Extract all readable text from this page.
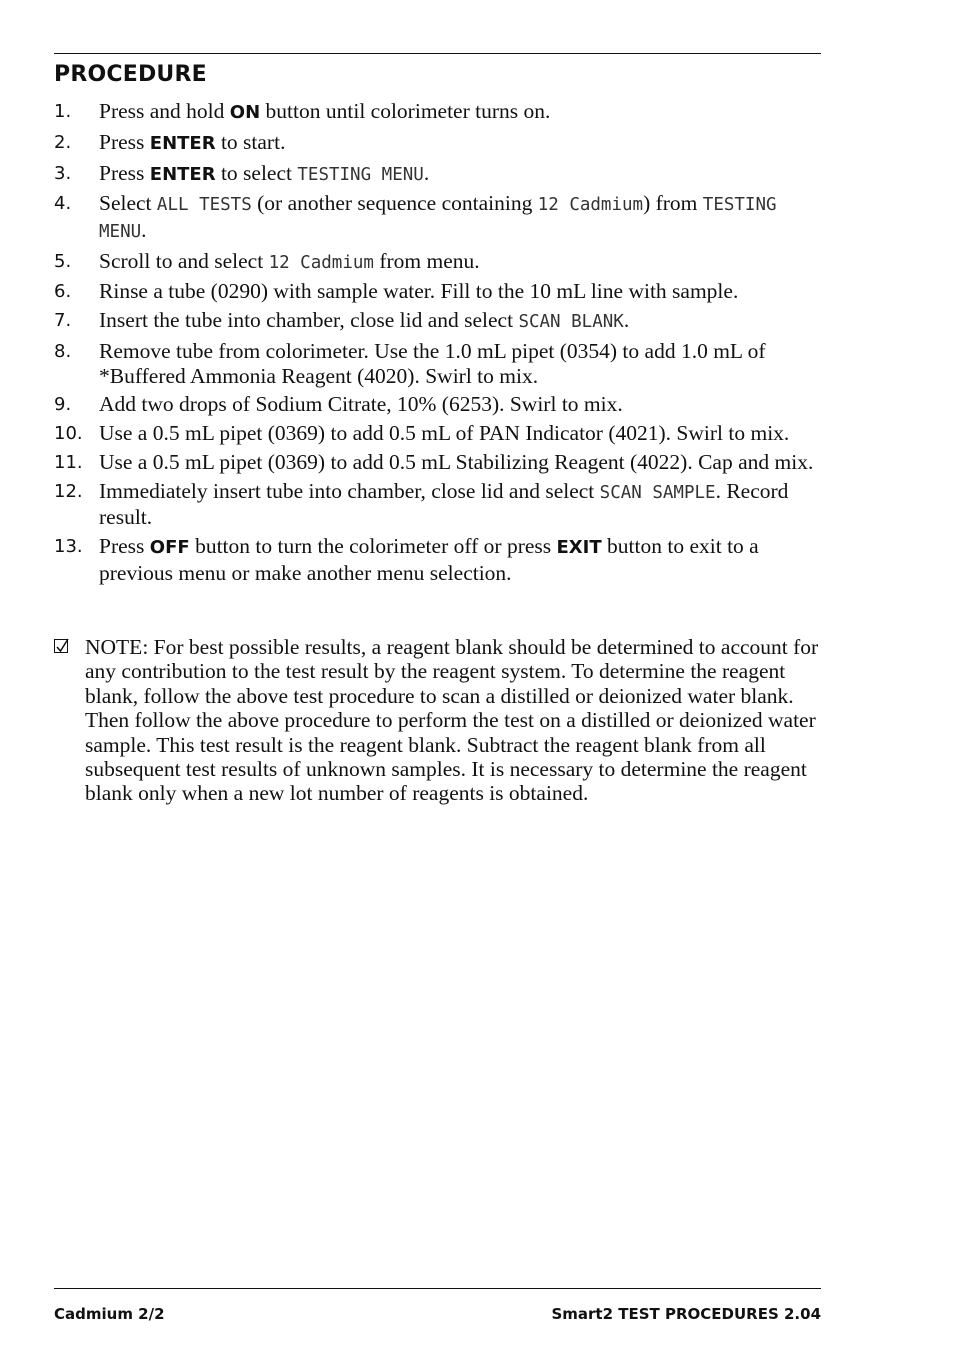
PROCEDURE
1. Press and hold ON button until colorimeter turns on.
2. Press ENTER to start.
3. Press ENTER to select TESTING MENU.
4. Select ALL TESTS (or another sequence containing 12 Cadmium) from TESTING MENU.
5. Scroll to and select 12 Cadmium from menu.
6. Rinse a tube (0290) with sample water. Fill to the 10 mL line with sample.
7. Insert the tube into chamber, close lid and select SCAN BLANK.
8. Remove tube from colorimeter. Use the 1.0 mL pipet (0354) to add 1.0 mL of *Buffered Ammonia Reagent (4020). Swirl to mix.
9. Add two drops of Sodium Citrate, 10% (6253). Swirl to mix.
10. Use a 0.5 mL pipet (0369) to add 0.5 mL of PAN Indicator (4021). Swirl to mix.
11. Use a 0.5 mL pipet (0369) to add 0.5 mL Stabilizing Reagent (4022). Cap and mix.
12. Immediately insert tube into chamber, close lid and select SCAN SAMPLE. Record result.
13. Press OFF button to turn the colorimeter off or press EXIT button to exit to a previous menu or make another menu selection.
NOTE: For best possible results, a reagent blank should be determined to account for any contribution to the test result by the reagent system. To determine the reagent blank, follow the above test procedure to scan a distilled or deionized water blank. Then follow the above procedure to perform the test on a distilled or deionized water sample. This test result is the reagent blank. Subtract the reagent blank from all subsequent test results of unknown samples. It is necessary to determine the reagent blank only when a new lot number of reagents is obtained.
Cadmium 2/2	Smart2 TEST PROCEDURES 2.04
